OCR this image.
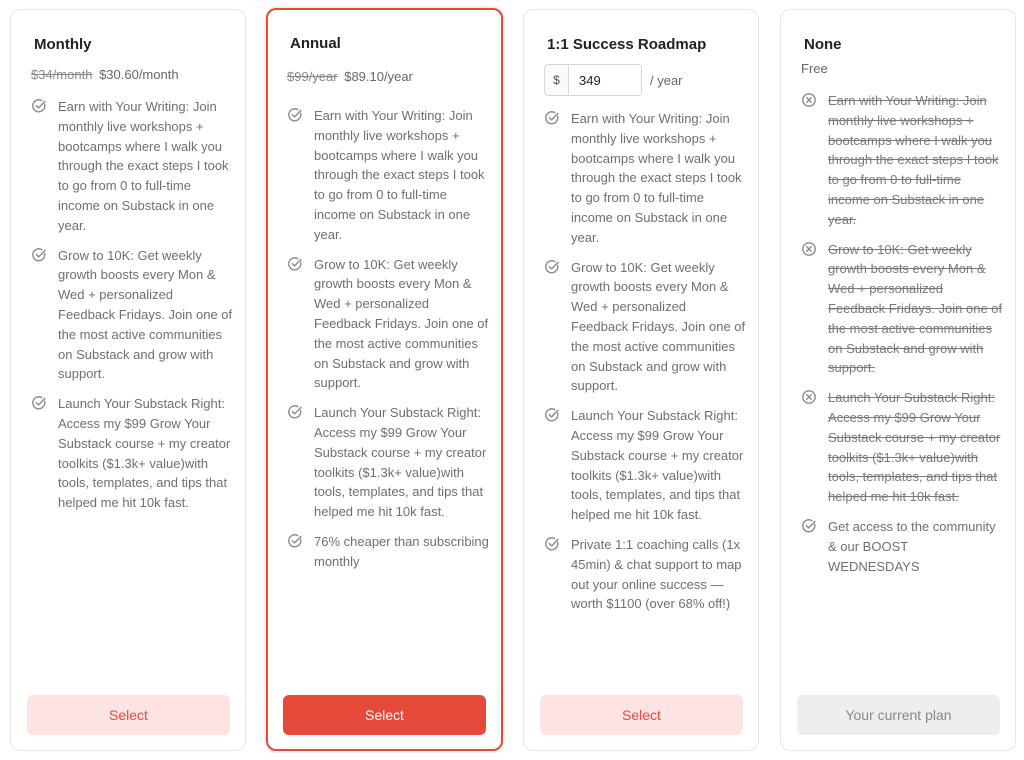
Monthly
$34/month $30.60/month
Earn with Your Writing: Join monthly live workshops + bootcamps where I walk you through the exact steps I took to go from 0 to full-time income on Substack in one year.
Grow to 10K: Get weekly growth boosts every Mon & Wed + personalized Feedback Fridays. Join one of the most active communities on Substack and grow with support.
Launch Your Substack Right: Access my $99 Grow Your Substack course + my creator toolkits ($1.3k+ value)with tools, templates, and tips that helped me hit 10k fast.
Select
Annual
$99/year $89.10/year
Earn with Your Writing: Join monthly live workshops + bootcamps where I walk you through the exact steps I took to go from 0 to full-time income on Substack in one year.
Grow to 10K: Get weekly growth boosts every Mon & Wed + personalized Feedback Fridays. Join one of the most active communities on Substack and grow with support.
Launch Your Substack Right: Access my $99 Grow Your Substack course + my creator toolkits ($1.3k+ value)with tools, templates, and tips that helped me hit 10k fast.
76% cheaper than subscribing monthly
Select
1:1 Success Roadmap
$
349	/ year
Earn with Your Writing: Join monthly live workshops + bootcamps where I walk you through the exact steps I took to go from 0 to full-time income on Substack in one year.
Grow to 10K: Get weekly growth boosts every Mon & Wed + personalized Feedback Fridays. Join one of the most active communities on Substack and grow with support.
Launch Your Substack Right: Access my $99 Grow Your Substack course + my creator toolkits ($1.3k+ value)with tools, templates, and tips that helped me hit 10k fast.
Private 1:1 coaching calls (1x 45min) & chat support to map out your online success — worth $1100 (over 68% off!)
Select
None
Free
Earn with Your Writing: Join monthly live workshops + bootcamps where I walk you through the exact steps I took to go from 0 to full-time income on Substack in one year.
Grow to 10K: Get weekly growth boosts every Mon & Wed + personalized Feedback Fridays. Join one of the most active communities on Substack and grow with support.
Launch Your Substack Right: Access my $99 Grow Your Substack course + my creator toolkits ($1.3k+ value)with tools, templates, and tips that helped me hit 10k fast.
Get access to the community & our BOOST WEDNESDAYS
Your current plan
